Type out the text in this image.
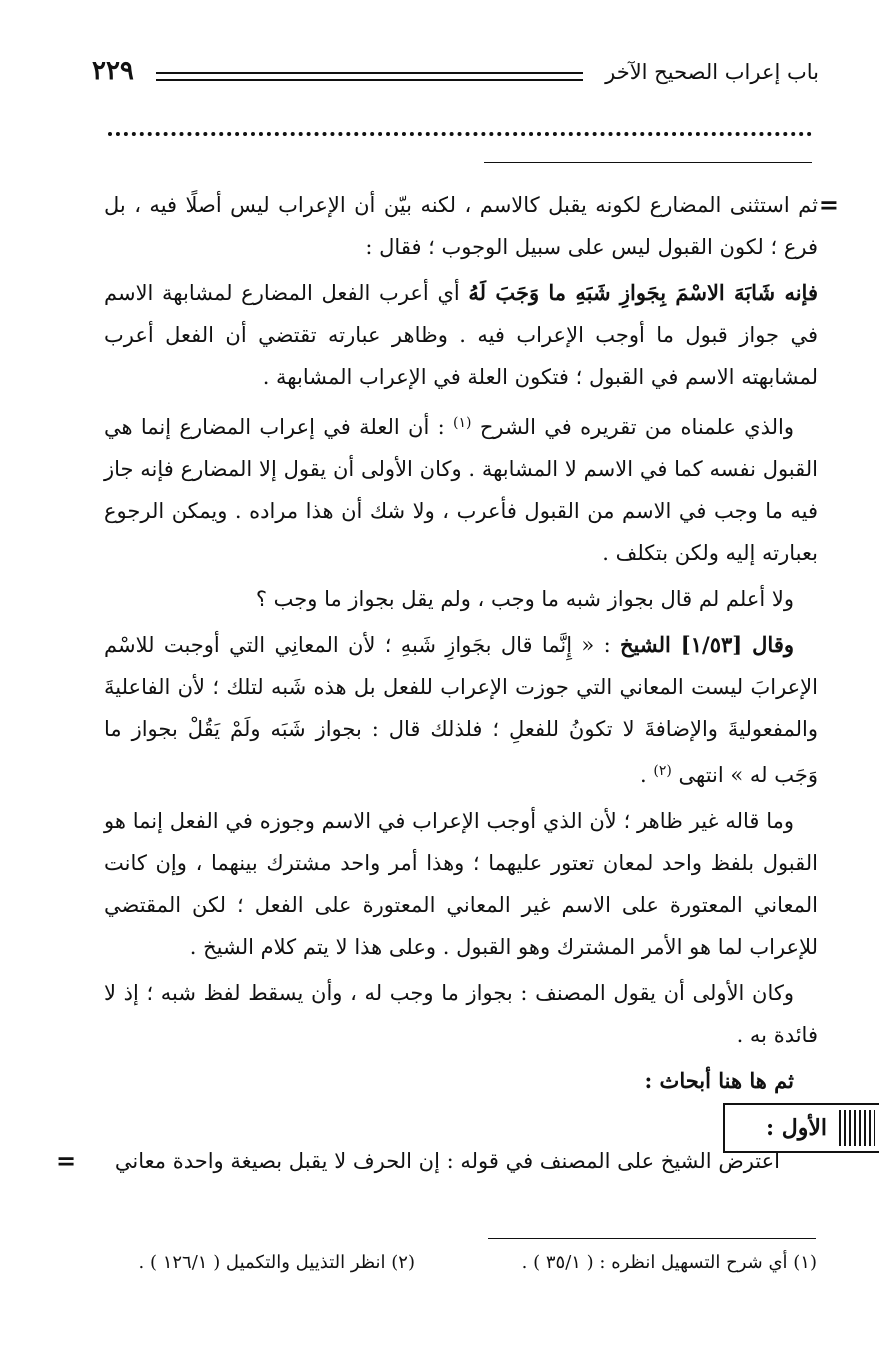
باب إعراب الصحيح الآخر
٢٢٩
=

ثم استثنى المضارع لكونه يقبل كالاسم ، لكنه بيّن أن الإعراب ليس أصلًا فيه ، بل فرع ؛ لكون القبول ليس على سبيل الوجوب ؛ فقال :

فإنه شَابَهَ الاسْمَ بِجَوازِ شَبَهِ ما وَجَبَ لَهُ أي أعرب الفعل المضارع لمشابهة الاسم في جواز قبول ما أوجب الإعراب فيه . وظاهر عبارته تقتضي أن الفعل أعرب لمشابهته الاسم في القبول ؛ فتكون العلة في الإعراب المشابهة .

والذي علمناه من تقريره في الشرح $^{(١)}$ : أن العلة في إعراب المضارع إنما هي القبول نفسه كما في الاسم لا المشابهة . وكان الأولى أن يقول إلا المضارع فإنه جاز فيه ما وجب في الاسم من القبول فأعرب ، ولا شك أن هذا مراده . ويمكن الرجوع بعبارته إليه ولكن بتكلف .

ولا أعلم لم قال بجواز شبه ما وجب ، ولم يقل بجواز ما وجب ؟

وقال [١/٥٣] الشيخ : « إِنَّما قال بجَوازِ شَبهِ ؛ لأن المعانِي التي أوجبت للاسْم الإعرابَ ليست المعاني التي جوزت الإعراب للفعل بل هذه شَبه لتلك ؛ لأن الفاعليةَ والمفعوليةَ والإضافةَ لا تكونُ للفعلِ ؛ فلذلك قال : بجواز شَبَه ولَمْ يَقُلْ بجواز ما وَجَب له » انتهى $^{(٢)}$ .

وما قاله غير ظاهر ؛ لأن الذي أوجب الإعراب في الاسم وجوزه في الفعل إنما هو القبول بلفظ واحد لمعان تعتور عليهما ؛ وهذا أمر واحد مشترك بينهما ، وإن كانت المعاني المعتورة على الاسم غير المعاني المعتورة على الفعل ؛ لكن المقتضي للإعراب لما هو الأمر المشترك وهو القبول . وعلى هذا لا يتم كلام الشيخ .

وكان الأولى أن يقول المصنف : بجواز ما وجب له ، وأن يسقط لفظ شبه ؛ إذ لا فائدة به .

ثم ها هنا أبحاث :

الأول :
اعترض الشيخ على المصنف في قوله : إن الحرف لا يقبل بصيغة واحدة معاني
=
(١) أي شرح التسهيل انظره : ( ٣٥/١ ) .
(٢) انظر التذييل والتكميل ( ١٢٦/١ ) .
